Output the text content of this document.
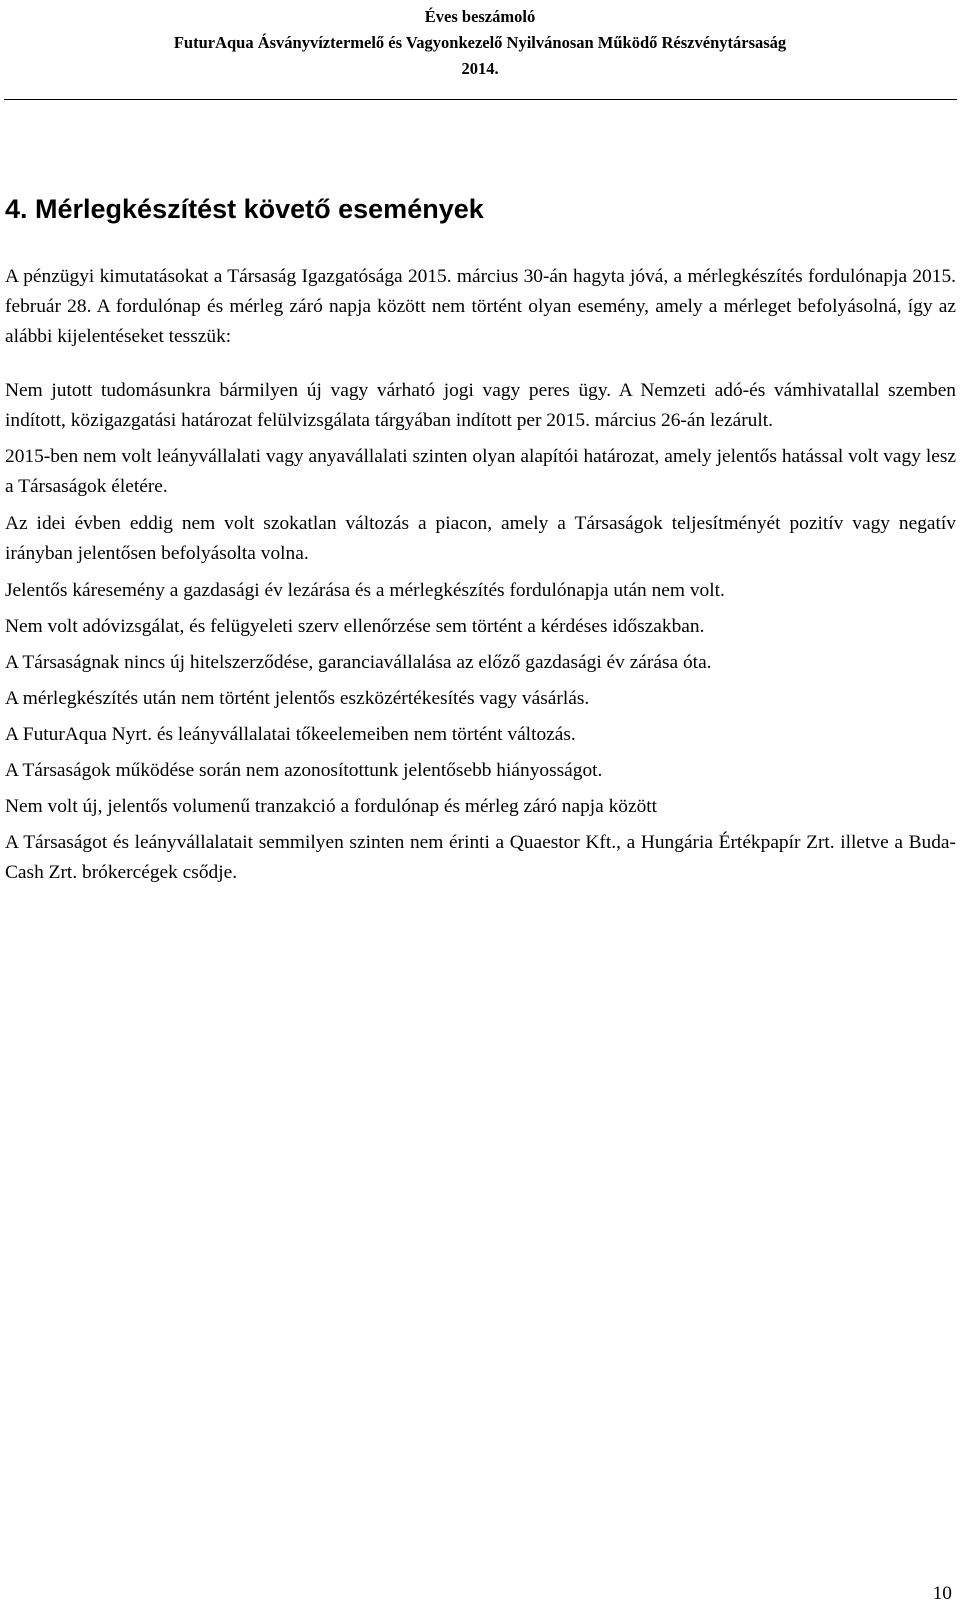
Éves beszámoló
FuturAqua Ásványvíztermelő és Vagyonkezelő Nyilvánosan Működő Részvénytársaság
2014.
4. Mérlegkészítést követő események

A pénzügyi kimutatásokat a Társaság Igazgatósága 2015. március 30-án hagyta jóvá, a mérlegkészítés fordulónapja 2015. február 28. A fordulónap és mérleg záró napja között nem történt olyan esemény, amely a mérleget befolyásolná, így az alábbi kijelentéseket tesszük:

Nem jutott tudomásunkra bármilyen új vagy várható jogi vagy peres ügy. A Nemzeti adó-és vámhivatallal szemben indított, közigazgatási határozat felülvizsgálata tárgyában indított per 2015. március 26-án lezárult.

2015-ben nem volt leányvállalati vagy anyavállalati szinten olyan alapítói határozat, amely jelentős hatással volt vagy lesz a Társaságok életére.

Az idei évben eddig nem volt szokatlan változás a piacon, amely a Társaságok teljesítményét pozitív vagy negatív irányban jelentősen befolyásolta volna.

Jelentős káresemény a gazdasági év lezárása és a mérlegkészítés fordulónapja után nem volt.

Nem volt adóvizsgálat, és felügyeleti szerv ellenőrzése sem történt a kérdéses időszakban.

A Társaságnak nincs új hitelszerződése, garanciavállalása az előző gazdasági év zárása óta.

A mérlegkészítés után nem történt jelentős eszközértékesítés vagy vásárlás.

A FuturAqua Nyrt. és leányvállalatai tőkeelemeiben nem történt változás.

A Társaságok működése során nem azonosítottunk jelentősebb hiányosságot.

Nem volt új, jelentős volumenű tranzakció a fordulónap és mérleg záró napja között

A Társaságot és leányvállalatait semmilyen szinten nem érinti a Quaestor Kft., a Hungária Értékpapír Zrt. illetve a Buda-Cash Zrt. brókercégek csődje.

10
